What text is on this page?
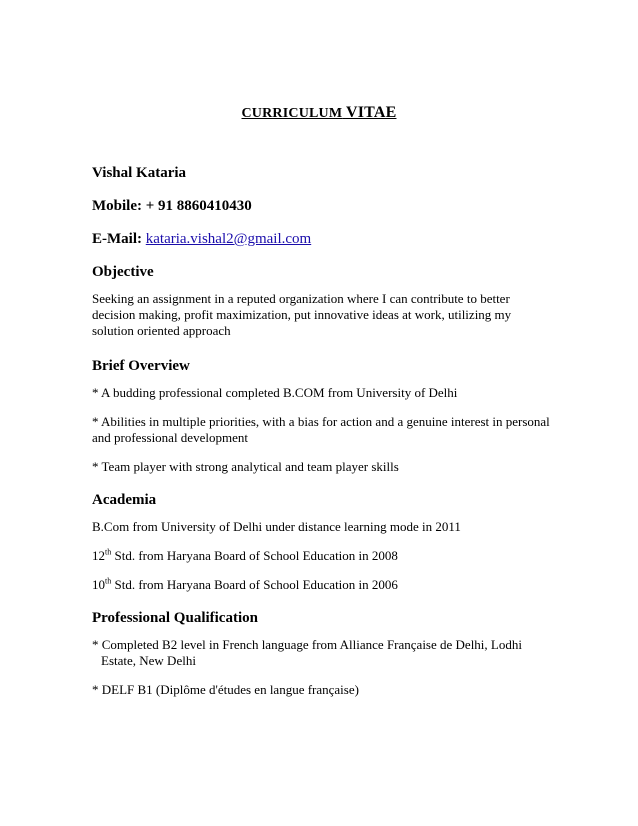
CURRICULUM VITAE
Vishal Kataria
Mobile: + 91 8860410430
E-Mail: kataria.vishal2@gmail.com
Objective
Seeking an assignment in a reputed organization where I can contribute to better decision making, profit maximization, put innovative ideas at work, utilizing my solution oriented approach
Brief Overview
* A budding professional completed B.COM from University of Delhi
* Abilities in multiple priorities, with a bias for action and a genuine interest in personal and professional development
* Team player with strong analytical and team player skills
Academia
B.Com from University of Delhi under distance learning mode in 2011
12th Std. from Haryana Board of School Education in 2008
10th Std. from Haryana Board of School Education in 2006
Professional Qualification
* Completed B2 level in French language from Alliance Française de Delhi, Lodhi Estate, New Delhi
* DELF B1 (Diplôme d'études en langue française)
